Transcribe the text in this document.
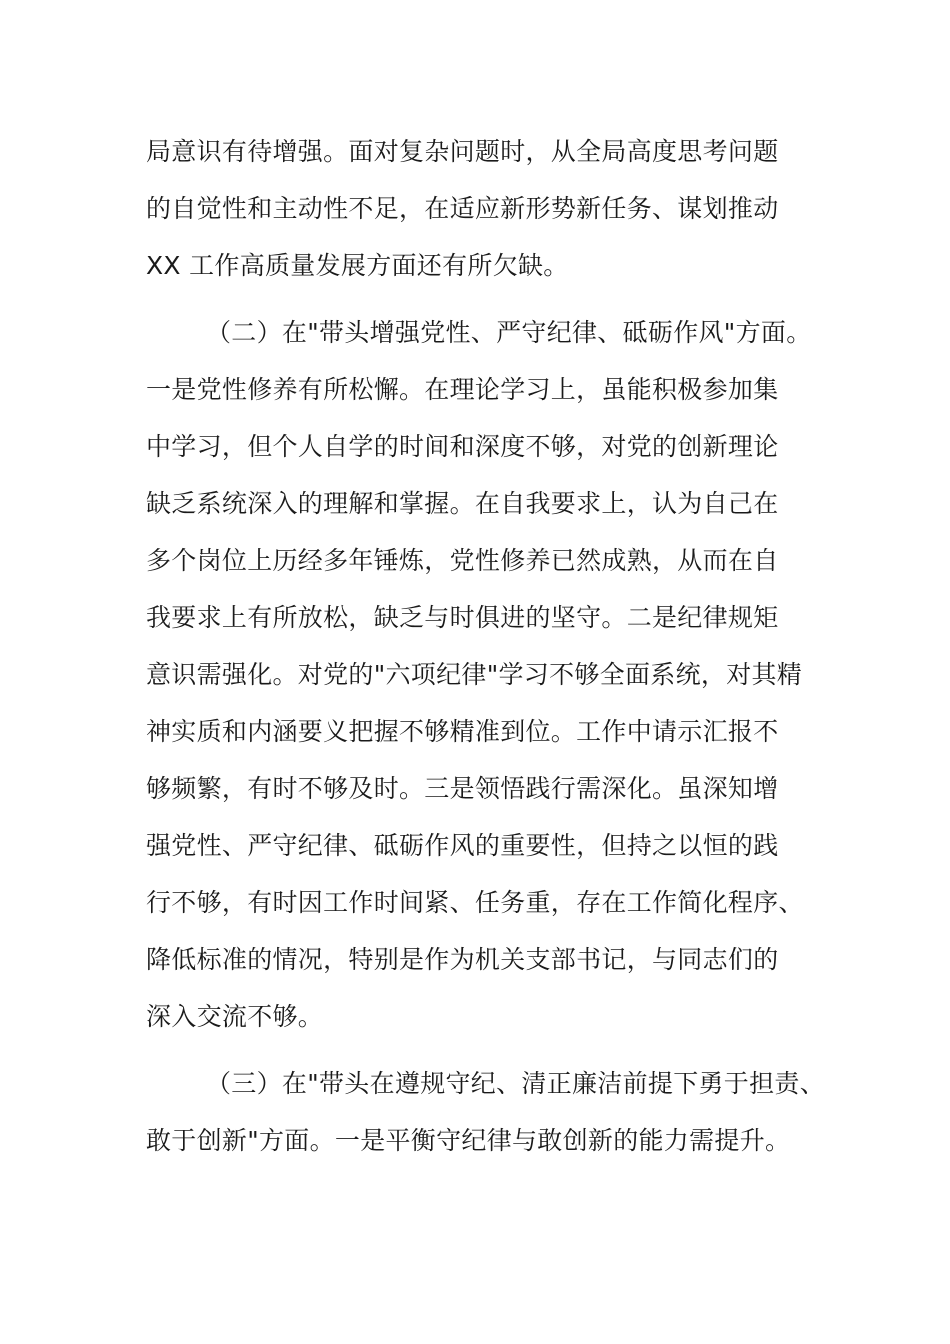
局意识有待增强。面对复杂问题时，从全局高度思考问题
的自觉性和主动性不足，在适应新形势新任务、谋划推动
XX 工作高质量发展方面还有所欠缺。
（二）在"带头增强党性、严守纪律、砥砺作风"方面。
一是党性修养有所松懈。在理论学习上，虽能积极参加集
中学习，但个人自学的时间和深度不够，对党的创新理论
缺乏系统深入的理解和掌握。在自我要求上，认为自己在
多个岗位上历经多年锤炼，党性修养已然成熟，从而在自
我要求上有所放松，缺乏与时俱进的坚守。二是纪律规矩
意识需强化。对党的"六项纪律"学习不够全面系统，对其精
神实质和内涵要义把握不够精准到位。工作中请示汇报不
够频繁，有时不够及时。三是领悟践行需深化。虽深知增
强党性、严守纪律、砥砺作风的重要性，但持之以恒的践
行不够，有时因工作时间紧、任务重，存在工作简化程序、
降低标准的情况，特别是作为机关支部书记，与同志们的
深入交流不够。
（三）在"带头在遵规守纪、清正廉洁前提下勇于担责、
敢于创新"方面。一是平衡守纪律与敢创新的能力需提升。
